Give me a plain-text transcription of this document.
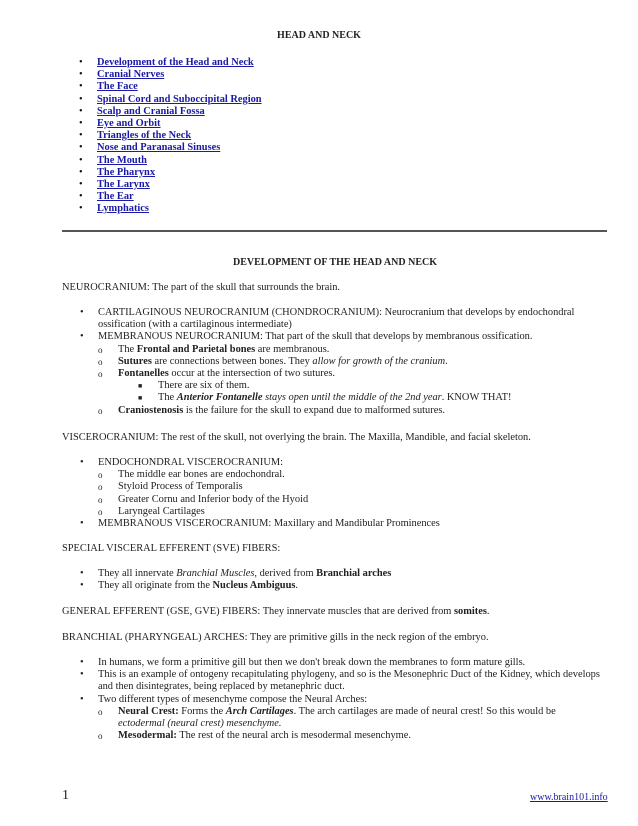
HEAD AND NECK
• Development of the Head and Neck
• Cranial Nerves
• The Face
• Spinal Cord and Suboccipital Region
• Scalp and Cranial Fossa
• Eye and Orbit
• Triangles of the Neck
• Nose and Paranasal Sinuses
• The Mouth
• The Pharynx
• The Larynx
• The Ear
• Lymphatics
DEVELOPMENT OF THE HEAD AND NECK
NEUROCRANIUM: The part of the skull that surrounds the brain.
• CARTILAGINOUS NEUROCRANIUM (CHONDROCRANIUM): Neurocranium that develops by endochondral ossification (with a cartilaginous intermediate)
• MEMBRANOUS NEUROCRANIUM: That part of the skull that develops by membranous ossification.
o The Frontal and Parietal bones are membranous.
o Sutures are connections between bones. They allow for growth of the cranium.
o Fontanelles occur at the intersection of two sutures.
■ There are six of them.
■ The Anterior Fontanelle stays open until the middle of the 2nd year. KNOW THAT!
o Craniostenosis is the failure for the skull to expand due to malformed sutures.
VISCEROCRANIUM: The rest of the skull, not overlying the brain. The Maxilla, Mandible, and facial skeleton.
• ENDOCHONDRAL VISCEROCRANIUM:
o The middle ear bones are endochondral.
o Styloid Process of Temporalis
o Greater Cornu and Inferior body of the Hyoid
o Laryngeal Cartilages
• MEMBRANOUS VISCEROCRANIUM: Maxillary and Mandibular Prominences
SPECIAL VISCERAL EFFERENT (SVE) FIBERS:
• They all innervate Branchial Muscles, derived from Branchial arches
• They all originate from the Nucleus Ambiguus.
GENERAL EFFERENT (GSE, GVE) FIBERS: They innervate muscles that are derived from somites.
BRANCHIAL (PHARYNGEAL) ARCHES: They are primitive gills in the neck region of the embryo.
• In humans, we form a primitive gill but then we don't break down the membranes to form mature gills.
• This is an example of ontogeny recapitulating phylogeny, and so is the Mesonephric Duct of the Kidney, which develops and then disintegrates, being replaced by metanephric duct.
• Two different types of mesenchyme compose the Neural Arches:
o Neural Crest: Forms the Arch Cartilages. The arch cartilages are made of neural crest! So this would be
ectodermal (neural crest) mesenchyme.
o Mesodermal: The rest of the neural arch is mesodermal mesenchyme.
1	www.brain101.info
